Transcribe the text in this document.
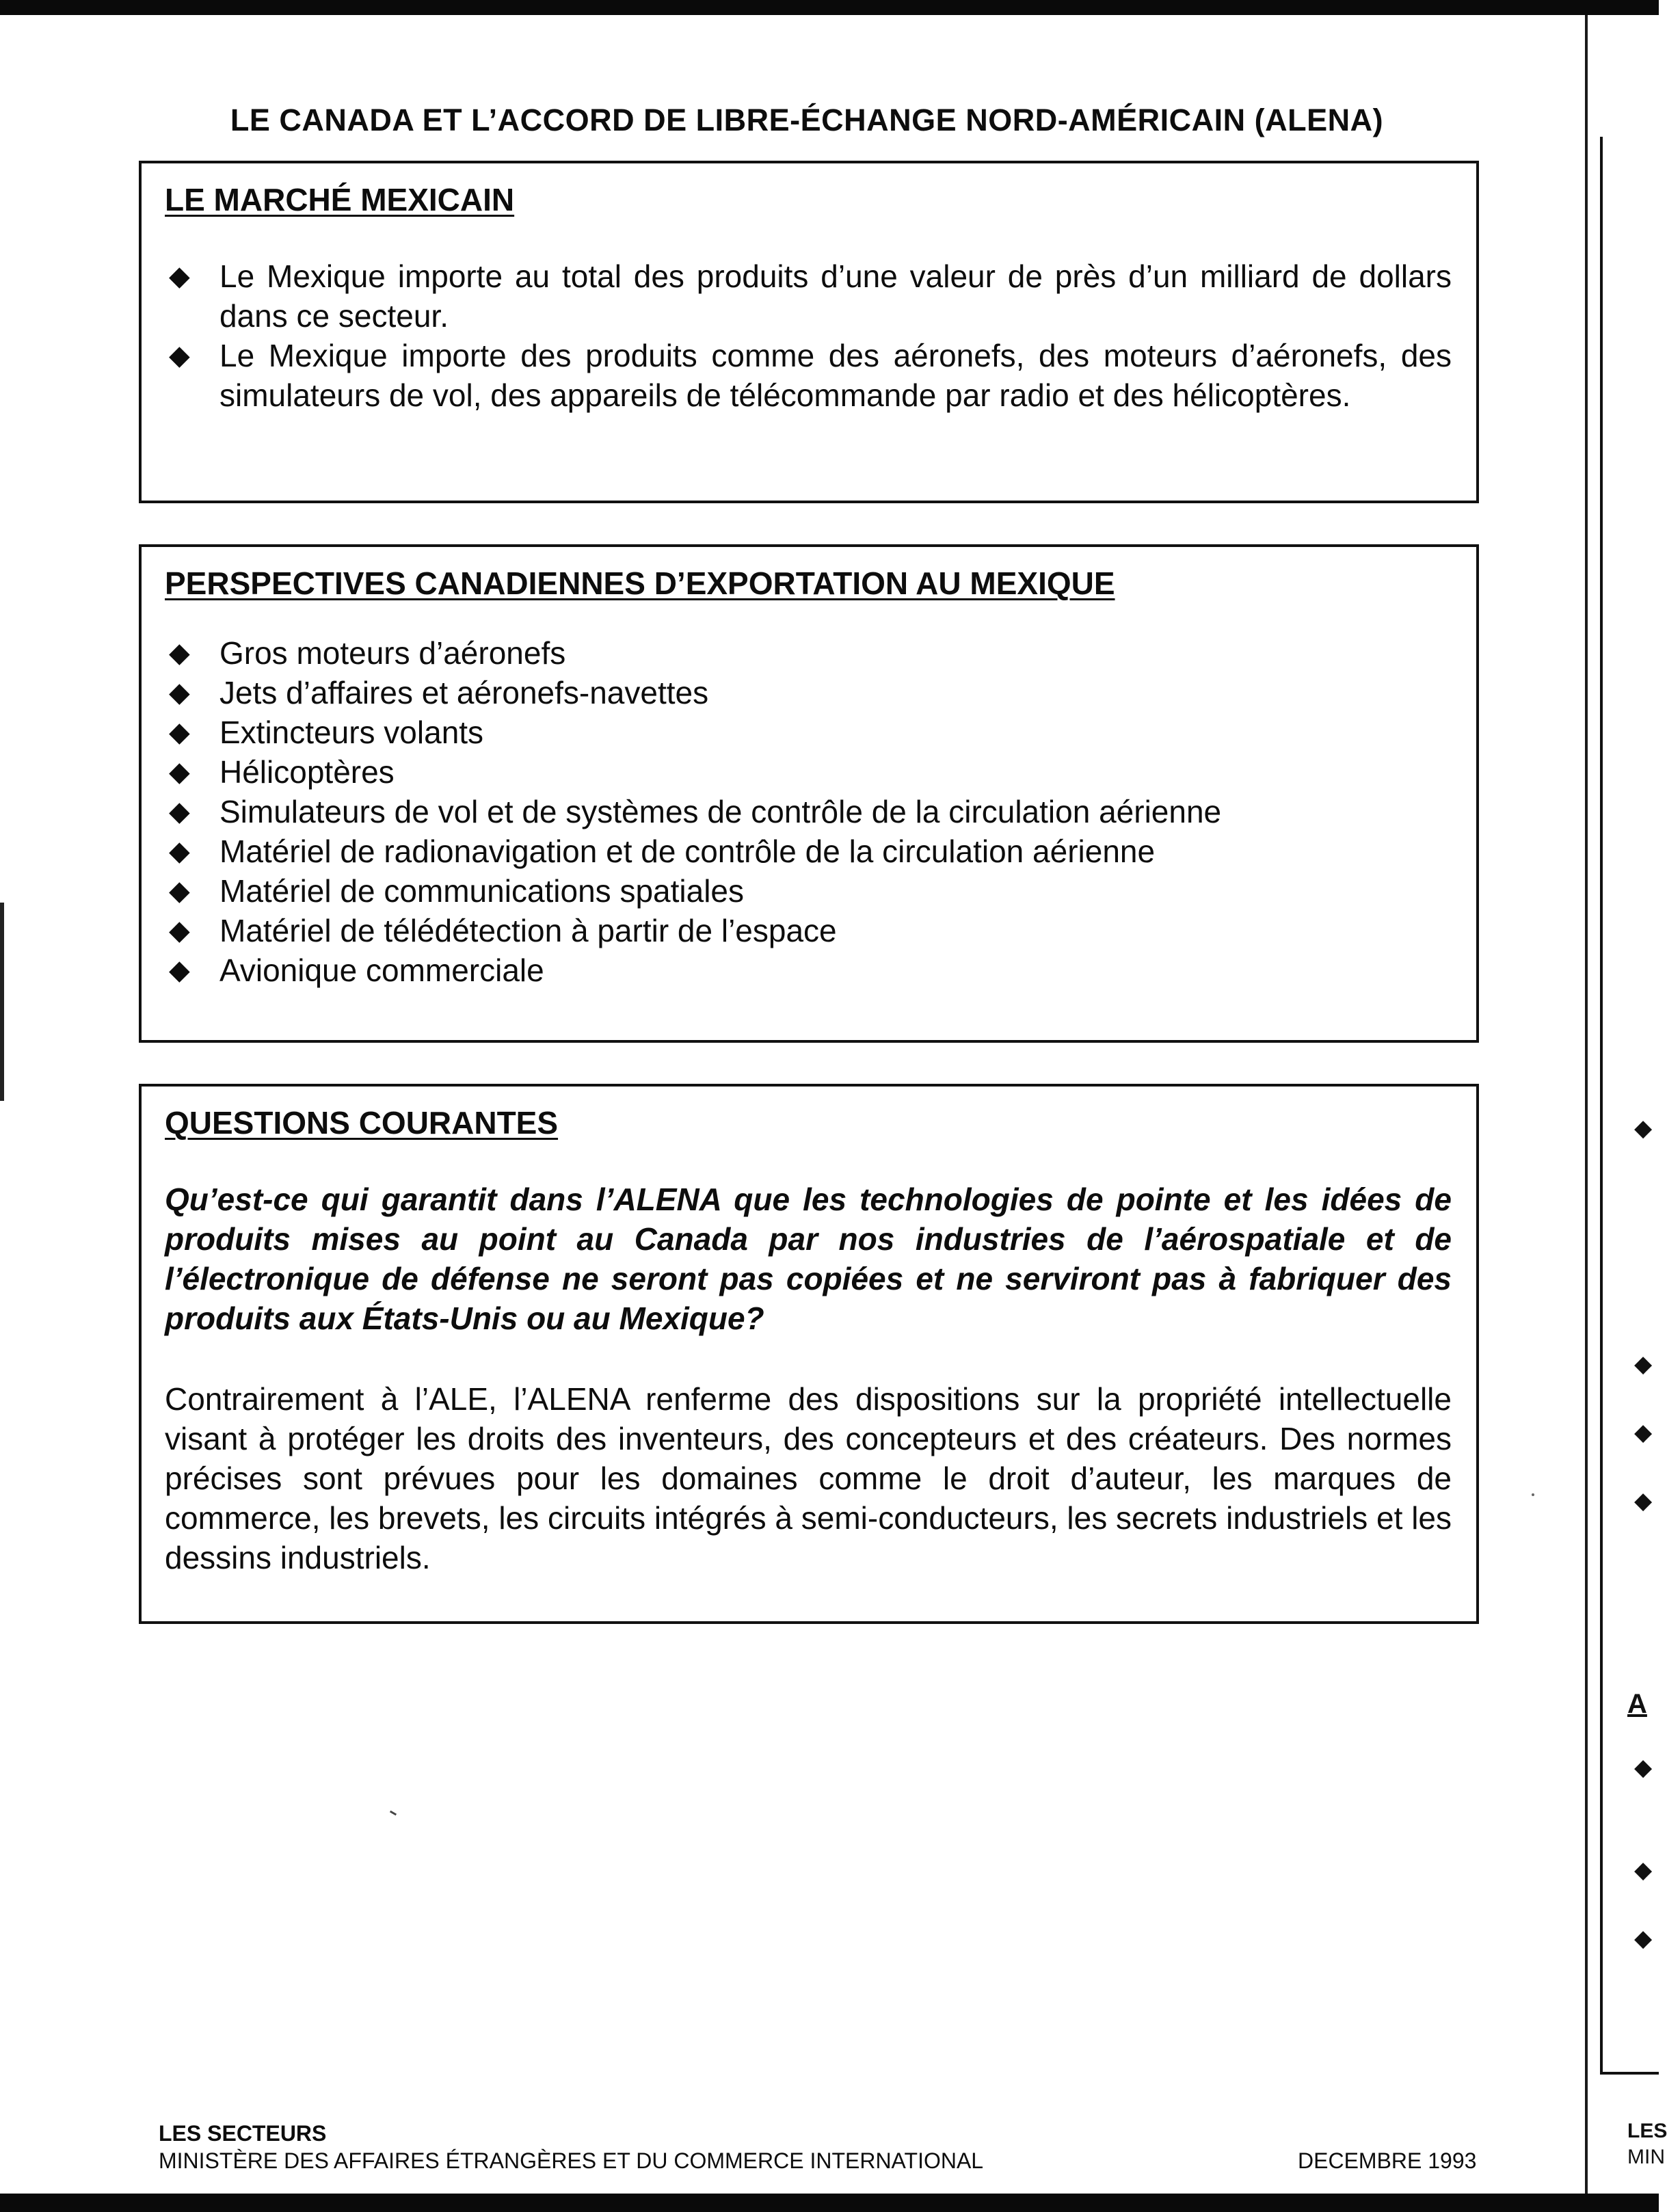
A
LES
MIN
◆
◆
◆
◆
◆
◆
◆
LE CANADA ET L’ACCORD DE LIBRE-ÉCHANGE NORD-AMÉRICAIN (ALENA)
LE MARCHÉ MEXICAIN
◆ Le Mexique importe au total des produits d’une valeur de près d’un milliard de dollars dans ce secteur.
◆ Le Mexique importe des produits comme des aéronefs, des moteurs d’aéronefs, des simulateurs de vol, des appareils de télécommande par radio et des hélicoptères.
PERSPECTIVES CANADIENNES D’EXPORTATION AU MEXIQUE
◆ Gros moteurs d’aéronefs
◆ Jets d’affaires et aéronefs-navettes
◆ Extincteurs volants
◆ Hélicoptères
◆ Simulateurs de vol et de systèmes de contrôle de la circulation aérienne
◆ Matériel de radionavigation et de contrôle de la circulation aérienne
◆ Matériel de communications spatiales
◆ Matériel de télédétection à partir de l’espace
◆ Avionique commerciale
QUESTIONS COURANTES

Qu’est-ce qui garantit dans l’ALENA que les technologies de pointe et les idées de produits mises au point au Canada par nos industries de l’aérospatiale et de l’électronique de défense ne seront pas copiées et ne serviront pas à fabriquer des produits aux États-Unis ou au Mexique?

Contrairement à l’ALE, l’ALENA renferme des dispositions sur la propriété intellectuelle visant à protéger les droits des inventeurs, des concepteurs et des créateurs. Des normes précises sont prévues pour les domaines comme le droit d’auteur, les marques de commerce, les brevets, les circuits intégrés à semi-conducteurs, les secrets industriels et les dessins industriels.

LES SECTEURS
MINISTÈRE DES AFFAIRES ÉTRANGÈRES ET DU COMMERCE INTERNATIONAL	DECEMBRE 1993
